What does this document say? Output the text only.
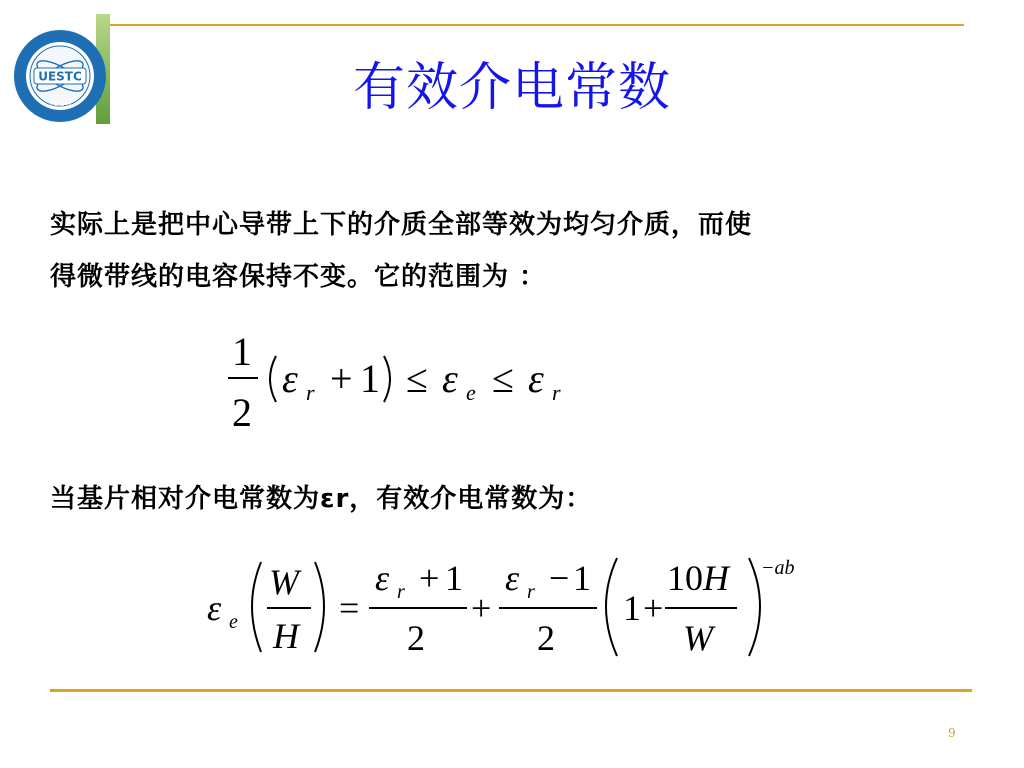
UESTC
1956	有效介电常数
实际上是把中心导带上下的介质全部等效为均匀介质，而使
得微带线的电容保持不变。它的范围为 ：
1
2
ε r + 1 ≤ ε e ≤ ε r
当基片相对介电常数为εr，有效介电常数为：
ε e
W
H
=
ε r + 1
2
+
ε r − 1
2
1 +
10 H
W
−ab
9
